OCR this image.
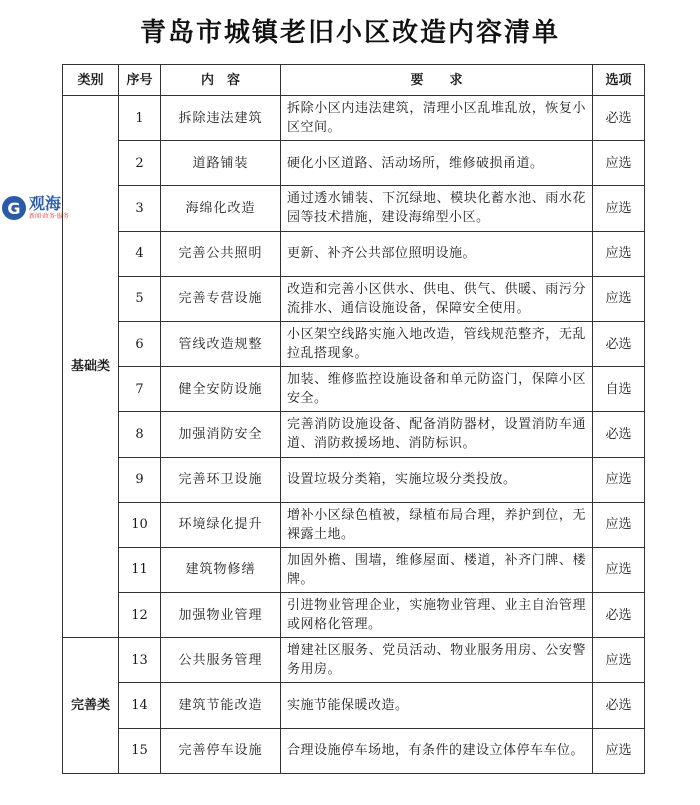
青岛市城镇老旧小区改造内容清单
G 观海
新闻·政务·服务
类别	序号	内　容	要　　求	选项
基础类	1	拆除违法建筑	拆除小区内违法建筑，清理小区乱堆乱放，恢复小区空间。	必选
	2	道路铺装	硬化小区道路、活动场所，维修破损甬道。	应选
	3	海绵化改造	通过透水铺装、下沉绿地、模块化蓄水池、雨水花园等技术措施，建设海绵型小区。	应选
	4	完善公共照明	更新、补齐公共部位照明设施。	应选
	5	完善专营设施	改造和完善小区供水、供电、供气、供暖、雨污分流排水、通信设施设备，保障安全使用。	应选
	6	管线改造规整	小区架空线路实施入地改造，管线规范整齐，无乱拉乱搭现象。	必选
	7	健全安防设施	加装、维修监控设施设备和单元防盗门，保障小区安全。	自选
	8	加强消防安全	完善消防设施设备、配备消防器材，设置消防车通道、消防救援场地、消防标识。	必选
	9	完善环卫设施	设置垃圾分类箱，实施垃圾分类投放。	应选
	10	环境绿化提升	增补小区绿色植被，绿植布局合理，养护到位，无裸露土地。	应选
	11	建筑物修缮	加固外檐、围墙，维修屋面、楼道，补齐门牌、楼牌。	应选
	12	加强物业管理	引进物业管理企业，实施物业管理、业主自治管理或网格化管理。	必选
完善类	13	公共服务管理	增建社区服务、党员活动、物业服务用房、公安警务用房。	应选
	14	建筑节能改造	实施节能保暖改造。	必选
	15	完善停车设施	合理设施停车场地，有条件的建设立体停车车位。	应选
